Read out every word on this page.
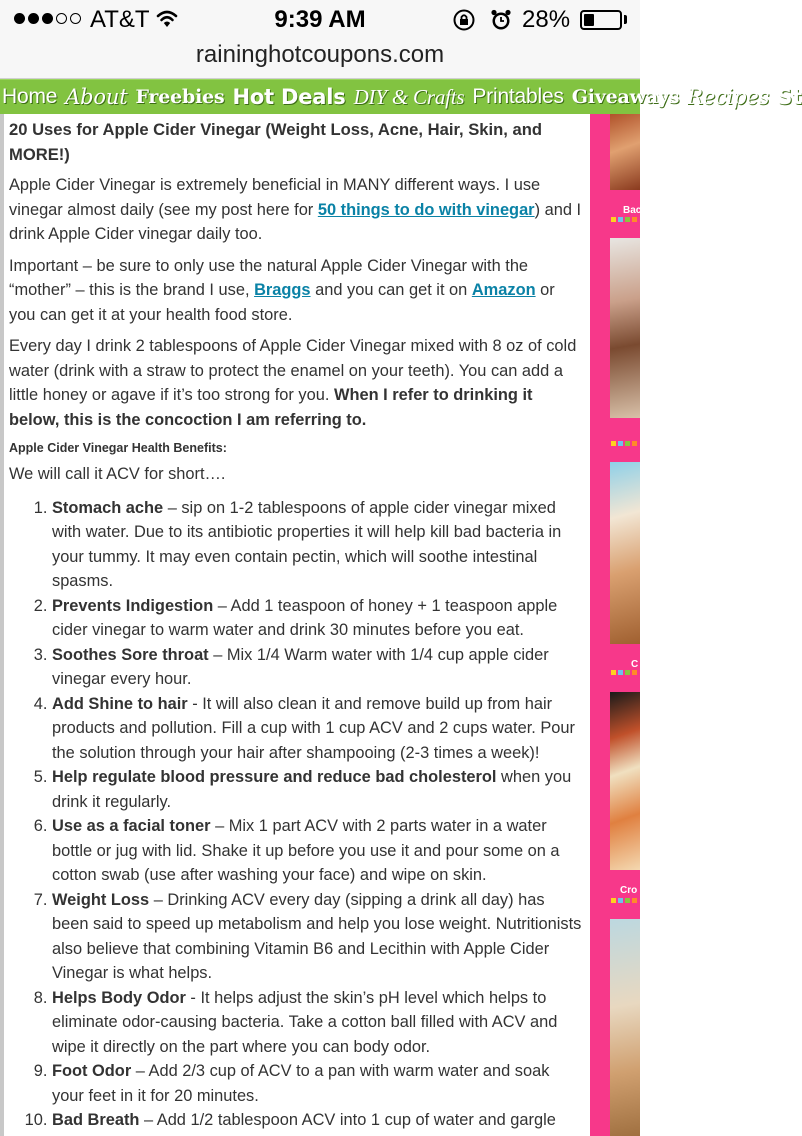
AT&T	9:39 AM	28%
raininghotcoupons.com
Home About Freebies Hot Deals DIY & Crafts Printables Giveaways Recipes St
20 Uses for Apple Cider Vinegar (Weight Loss, Acne, Hair, Skin, and MORE!)

Apple Cider Vinegar is extremely beneficial in MANY different ways. I use vinegar almost daily (see my post here for 50 things to do with vinegar) and I drink Apple Cider vinegar daily too.

Important – be sure to only use the natural Apple Cider Vinegar with the “mother” – this is the brand I use, Braggs and you can get it on Amazon or you can get it at your health food store.

Every day I drink 2 tablespoons of Apple Cider Vinegar mixed with 8 oz of cold water (drink with a straw to protect the enamel on your teeth). You can add a little honey or agave if it’s too strong for you. When I refer to drinking it below, this is the concoction I am referring to.

Apple Cider Vinegar Health Benefits:

We will call it ACV for short….

1. Stomach ache – sip on 1-2 tablespoons of apple cider vinegar mixed with water. Due to its antibiotic properties it will help kill bad bacteria in your tummy. It may even contain pectin, which will soothe intestinal spasms.
2. Prevents Indigestion – Add 1 teaspoon of honey + 1 teaspoon apple cider vinegar to warm water and drink 30 minutes before you eat.
3. Soothes Sore throat – Mix 1/4 Warm water with 1/4 cup apple cider vinegar every hour.
4. Add Shine to hair - It will also clean it and remove build up from hair products and pollution. Fill a cup with 1 cup ACV and 2 cups water. Pour the solution through your hair after shampooing (2-3 times a week)!
5. Help regulate blood pressure and reduce bad cholesterol when you drink it regularly.
6. Use as a facial toner – Mix 1 part ACV with 2 parts water in a water bottle or jug with lid. Shake it up before you use it and pour some on a cotton swab (use after washing your face) and wipe on skin.
7. Weight Loss – Drinking ACV every day (sipping a drink all day) has been said to speed up metabolism and help you lose weight. Nutritionists also believe that combining Vitamin B6 and Lecithin with Apple Cider Vinegar is what helps.
8. Helps Body Odor - It helps adjust the skin’s pH level which helps to eliminate odor-causing bacteria. Take a cotton ball filled with ACV and wipe it directly on the part where you can body odor.
9. Foot Odor – Add 2/3 cup of ACV to a pan with warm water and soak your feet in it for 20 minutes.
10. Bad Breath – Add 1/2 tablespoon ACV into 1 cup of water and gargle
Bac
C
Cro
